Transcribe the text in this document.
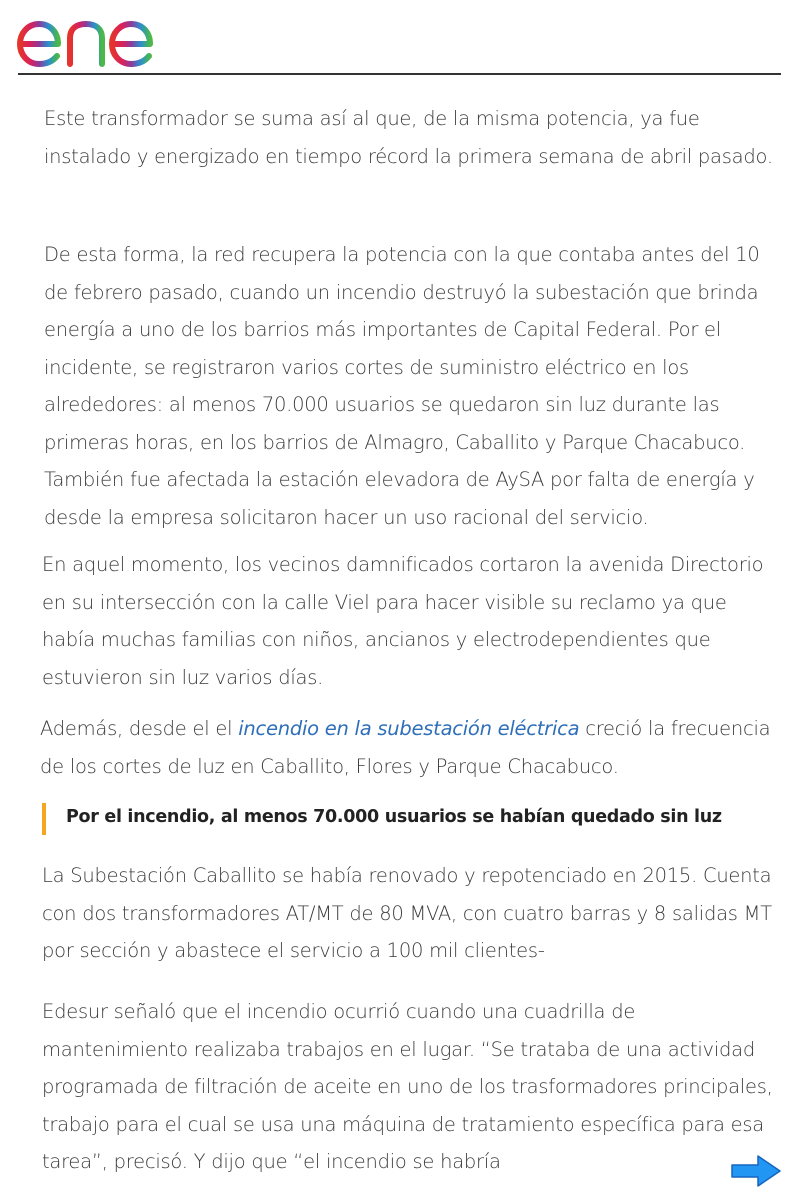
Este transformador se suma así al que, de la misma potencia, ya fue instalado y energizado en tiempo récord la primera semana de abril pasado.

De esta forma, la red recupera la potencia con la que contaba antes del 10 de febrero pasado, cuando un incendio destruyó la subestación que brinda energía a uno de los barrios más importantes de Capital Federal. Por el incidente, se registraron varios cortes de suministro eléctrico en los alrededores: al menos 70.000 usuarios se quedaron sin luz durante las primeras horas, en los barrios de Almagro, Caballito y Parque Chacabuco. También fue afectada la estación elevadora de AySA por falta de energía y desde la empresa solicitaron hacer un uso racional del servicio.

En aquel momento, los vecinos damnificados cortaron la avenida Directorio en su intersección con la calle Viel para hacer visible su reclamo ya que había muchas familias con niños, ancianos y electrodependientes que estuvieron sin luz varios días.

Además, desde el el incendio en la subestación eléctrica creció la frecuencia de los cortes de luz en Caballito, Flores y Parque Chacabuco.

Por el incendio, al menos 70.000 usuarios se habían quedado sin luz

La Subestación Caballito se había renovado y repotenciado en 2015. Cuenta con dos transformadores AT/MT de 80 MVA, con cuatro barras y 8 salidas MT por sección y abastece el servicio a 100 mil clientes-

Edesur señaló que el incendio ocurrió cuando una cuadrilla de mantenimiento realizaba trabajos en el lugar. “Se trataba de una actividad programada de filtración de aceite en uno de los trasformadores principales, trabajo para el cual se usa una máquina de tratamiento específica para esa tarea”, precisó. Y dijo que “el incendio se habría
